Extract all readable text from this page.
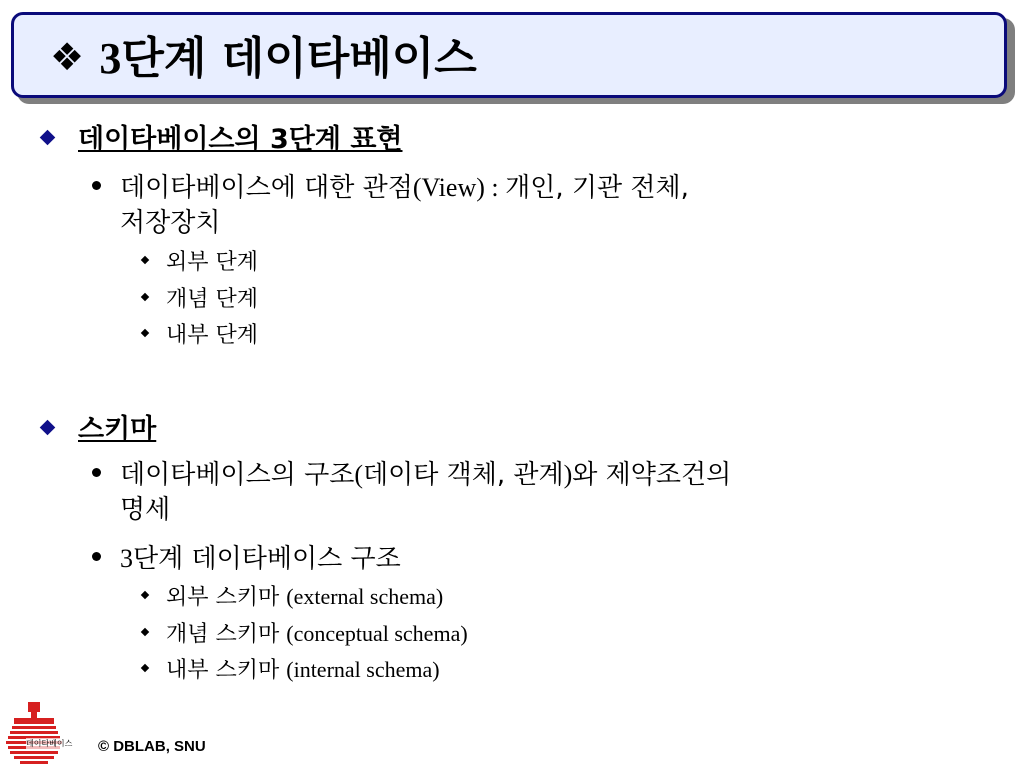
❖ 3단계 데이타베이스
데이타베이스의 3단계 표현
데이타베이스에 대한 관점(View) : 개인, 기관 전체,
저장장치
외부 단계
개념 단계
내부 단계
스키마
데이타베이스의 구조(데이타 객체, 관계)와 제약조건의
명세
3단계 데이타베이스 구조
외부 스키마 (external schema)
개념 스키마 (conceptual schema)
내부 스키마 (internal schema)
데이타베이스 © DBLAB, SNU
